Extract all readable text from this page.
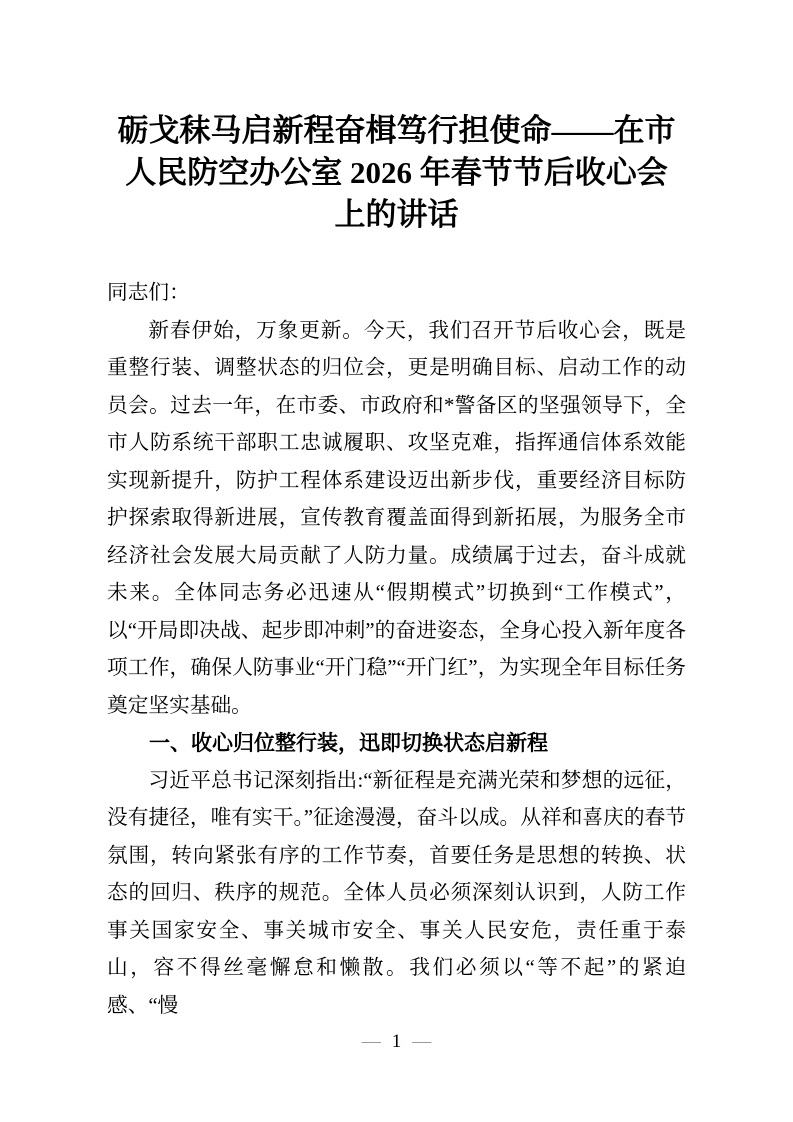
砺戈秣马启新程奋楫笃行担使命——在市
人民防空办公室 2026 年春节节后收心会
上的讲话

同志们：

新春伊始，万象更新。今天，我们召开节后收心会，既是重整行装、调整状态的归位会，更是明确目标、启动工作的动员会。过去一年，在市委、市政府和*警备区的坚强领导下，全市人防系统干部职工忠诚履职、攻坚克难，指挥通信体系效能实现新提升，防护工程体系建设迈出新步伐，重要经济目标防护探索取得新进展，宣传教育覆盖面得到新拓展，为服务全市经济社会发展大局贡献了人防力量。成绩属于过去，奋斗成就未来。全体同志务必迅速从“假期模式”切换到“工作模式”，以“开局即决战、起步即冲刺”的奋进姿态，全身心投入新年度各项工作，确保人防事业“开门稳”“开门红”，为实现全年目标任务奠定坚实基础。

一、收心归位整行装，迅即切换状态启新程

习近平总书记深刻指出:“新征程是充满光荣和梦想的远征，没有捷径，唯有实干。”征途漫漫，奋斗以成。从祥和喜庆的春节氛围，转向紧张有序的工作节奏，首要任务是思想的转换、状态的回归、秩序的规范。全体人员必须深刻认识到，人防工作事关国家安全、事关城市安全、事关人民安危，责任重于泰山，容不得丝毫懈怠和懒散。我们必须以“等不起”的紧迫感、“慢

— 1 —
